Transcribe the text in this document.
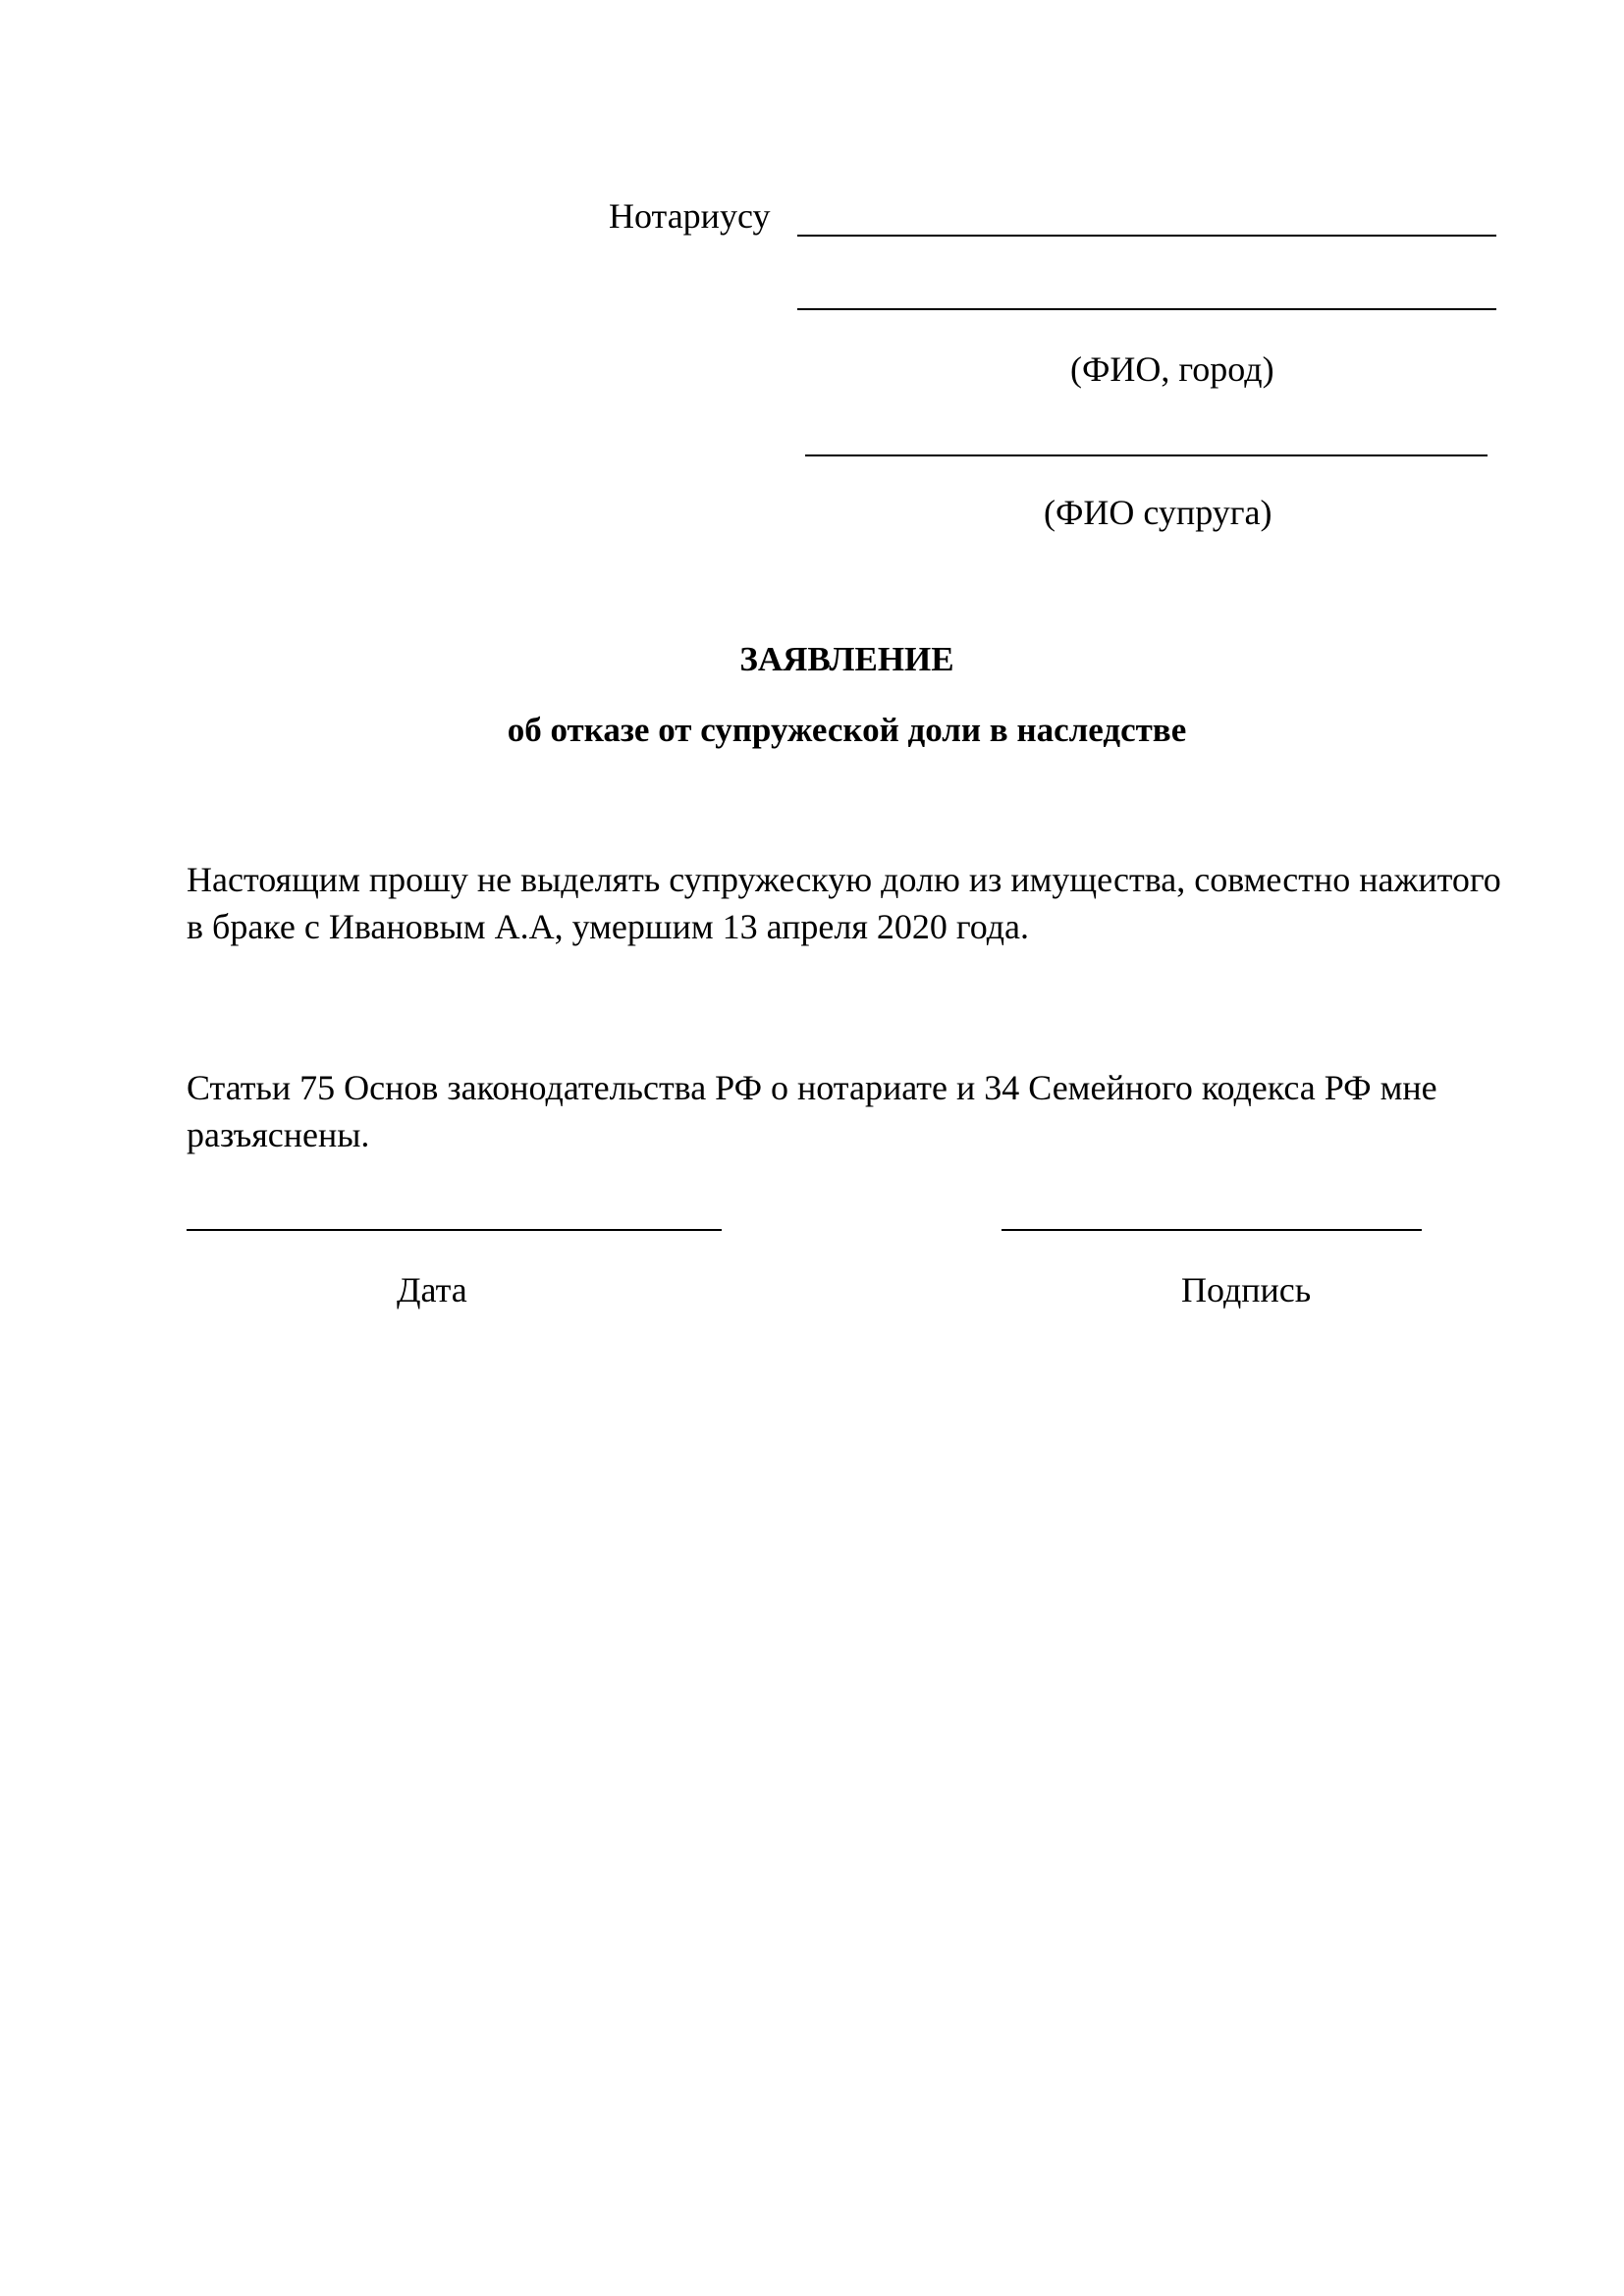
Нотариусу
(ФИО, город)
(ФИО супруга)
ЗАЯВЛЕНИЕ
об отказе от супружеской доли в наследстве
Настоящим прошу не выделять супружескую долю из имущества, совместно нажитого в браке с Ивановым А.А, умершим 13 апреля 2020 года.
Статьи 75 Основ законодательства РФ о нотариате и 34 Семейного кодекса РФ мне разъяснены.
Дата	Подпись
